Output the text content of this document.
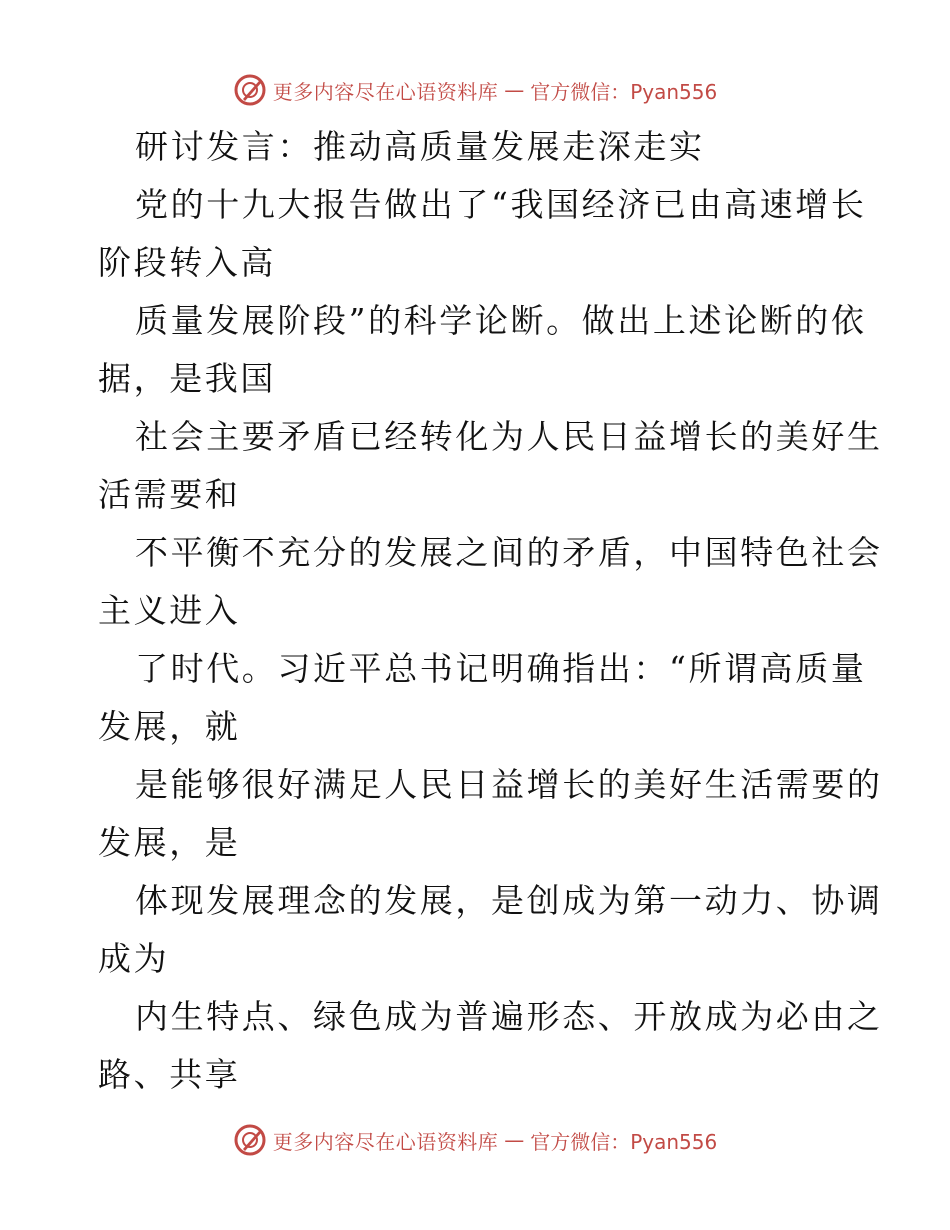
更多内容尽在心语资料库 — 官方微信：Pyan556
研讨发言：推动高质量发展走深走实
党的十九大报告做出了“我国经济已由高速增长
阶段转入高
质量发展阶段”的科学论断。做出上述论断的依
据，是我国
社会主要矛盾已经转化为人民日益增长的美好生
活需要和
不平衡不充分的发展之间的矛盾，中国特色社会
主义进入
了时代。习近平总书记明确指出：“所谓高质量
发展，就
是能够很好满足人民日益增长的美好生活需要的
发展，是
体现发展理念的发展，是创成为第一动力、协调
成为
内生特点、绿色成为普遍形态、开放成为必由之
路、共享
更多内容尽在心语资料库 — 官方微信：Pyan556
